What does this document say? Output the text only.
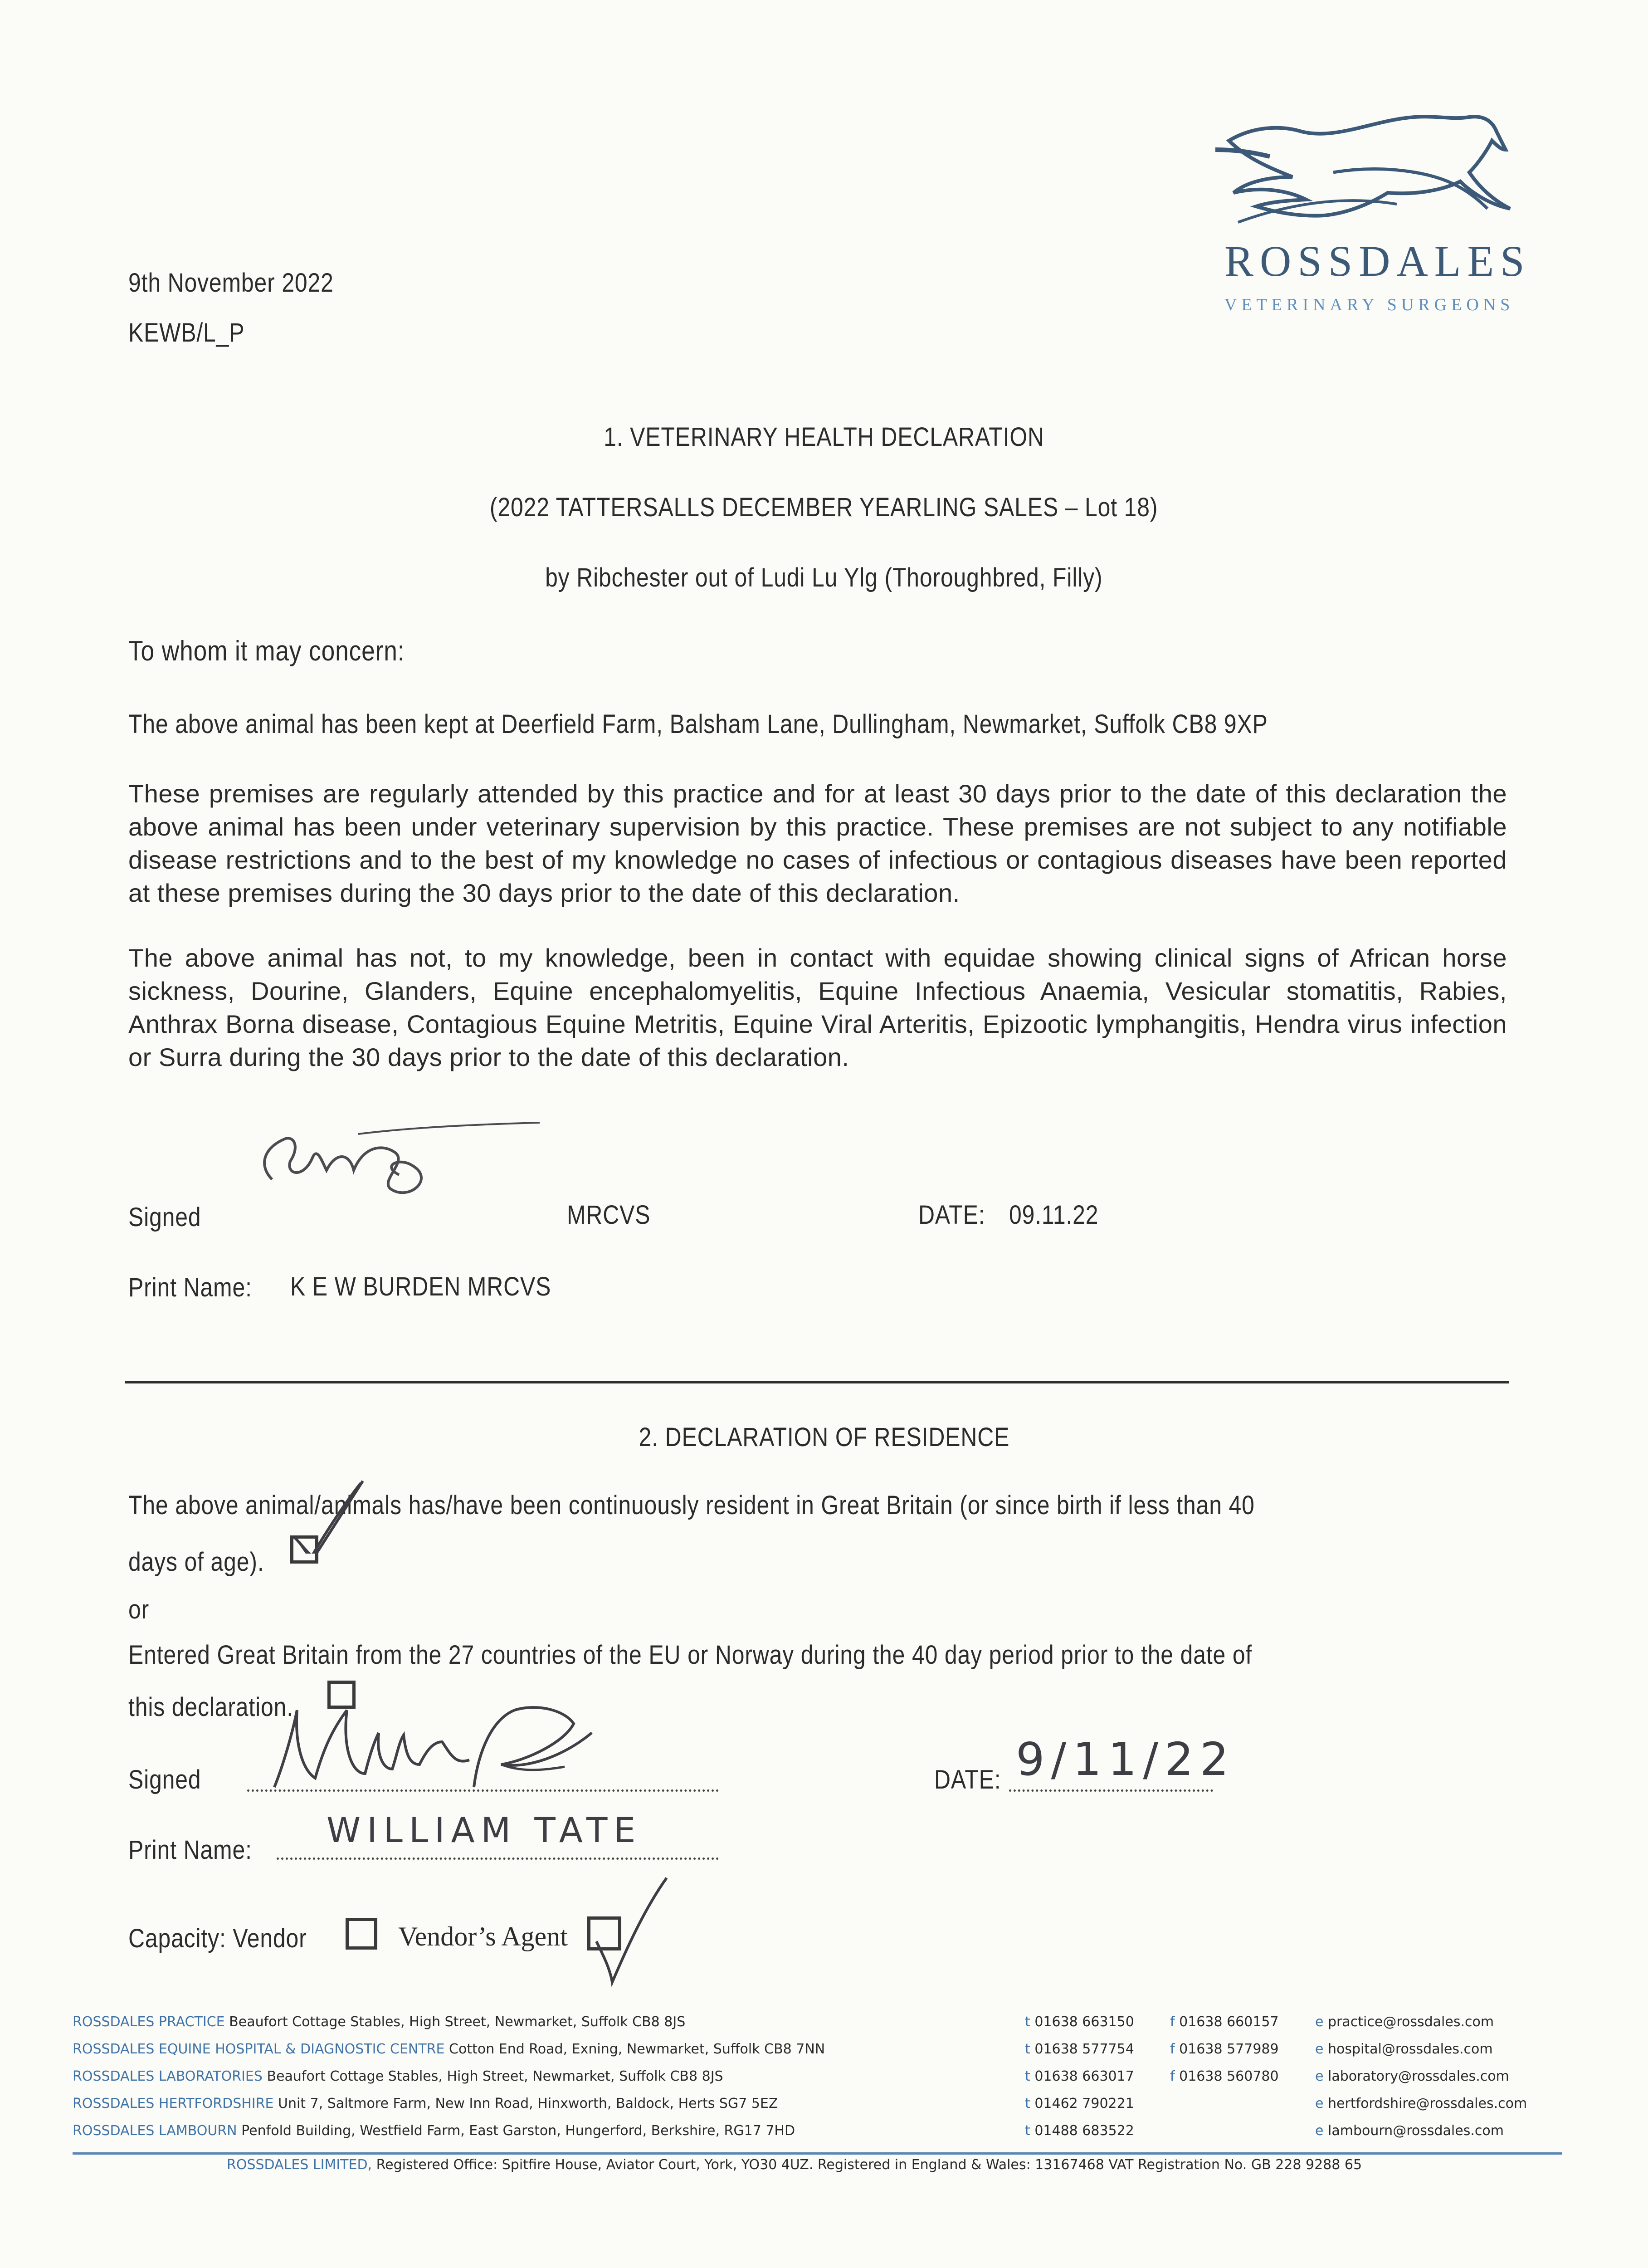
ROSSDALES
VETERINARY SURGEONS
9th November 2022
KEWB/L_P
1. VETERINARY HEALTH DECLARATION
(2022 TATTERSALLS DECEMBER YEARLING SALES – Lot 18)
by Ribchester out of Ludi Lu Ylg (Thoroughbred, Filly)
To whom it may concern:
The above animal has been kept at Deerfield Farm, Balsham Lane, Dullingham, Newmarket, Suffolk CB8 9XP
These premises are regularly attended by this practice and for at least 30 days prior to the date of this declaration the above animal has been under veterinary supervision by this practice. These premises are not subject to any notifiable disease restrictions and to the best of my knowledge no cases of infectious or contagious diseases have been reported at these premises during the 30 days prior to the date of this declaration.
The above animal has not, to my knowledge, been in contact with equidae showing clinical signs of African horse sickness, Dourine, Glanders, Equine encephalomyelitis, Equine Infectious Anaemia, Vesicular stomatitis, Rabies, Anthrax Borna disease, Contagious Equine Metritis, Equine Viral Arteritis, Epizootic lymphangitis, Hendra virus infection or Surra during the 30 days prior to the date of this declaration.
Signed	MRCVS	DATE: 09.11.22
Print Name:	K E W BURDEN MRCVS
2. DECLARATION OF RESIDENCE
The above animal/animals has/have been continuously resident in Great Britain (or since birth if less than 40
days of age).
or
Entered Great Britain from the 27 countries of the EU or Norway during the 40 day period prior to the date of
this declaration.
Signed	DATE: 9/11/22
Print Name:	WILLIAM TATE
Capacity: Vendor	Vendor’s Agent
ROSSDALES PRACTICE Beaufort Cottage Stables, High Street, Newmarket, Suffolk CB8 8JS	t 01638 663150	f 01638 660157	e practice@rossdales.com
ROSSDALES EQUINE HOSPITAL & DIAGNOSTIC CENTRE Cotton End Road, Exning, Newmarket, Suffolk CB8 7NN	t 01638 577754	f 01638 577989	e hospital@rossdales.com
ROSSDALES LABORATORIES Beaufort Cottage Stables, High Street, Newmarket, Suffolk CB8 8JS	t 01638 663017	f 01638 560780	e laboratory@rossdales.com
ROSSDALES HERTFORDSHIRE Unit 7, Saltmore Farm, New Inn Road, Hinxworth, Baldock, Herts SG7 5EZ	t 01462 790221	e hertfordshire@rossdales.com
ROSSDALES LAMBOURN Penfold Building, Westfield Farm, East Garston, Hungerford, Berkshire, RG17 7HD	t 01488 683522	e lambourn@rossdales.com
ROSSDALES LIMITED, Registered Office: Spitfire House, Aviator Court, York, YO30 4UZ. Registered in England & Wales: 13167468 VAT Registration No. GB 228 9288 65
